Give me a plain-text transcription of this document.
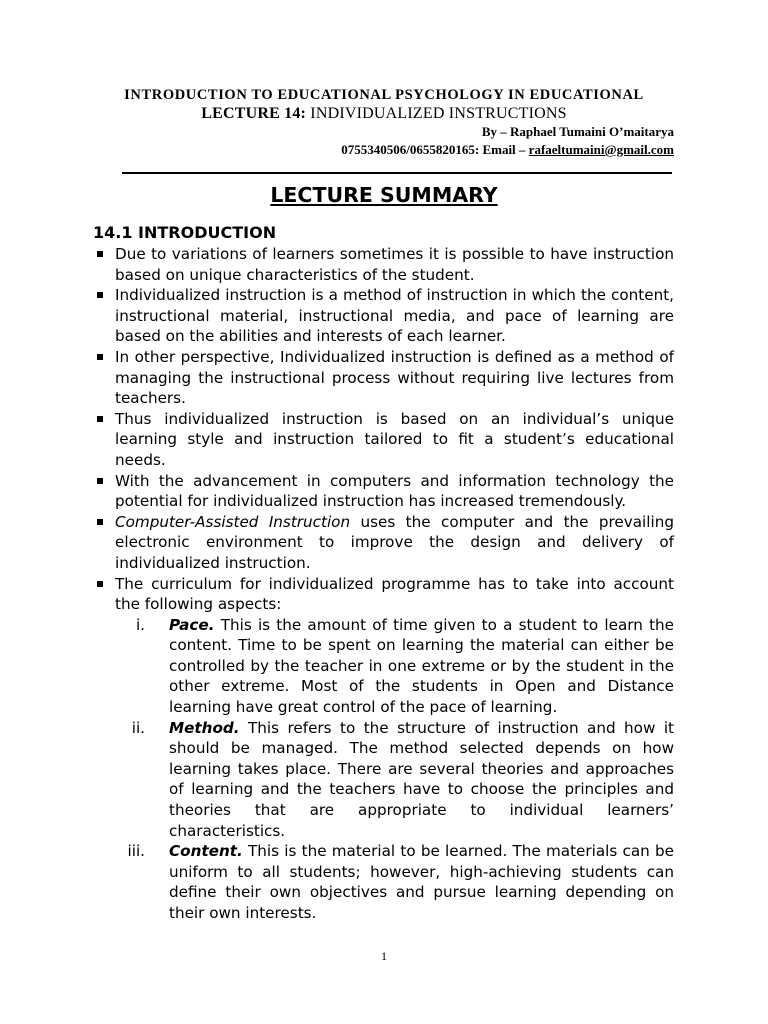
INTRODUCTION TO EDUCATIONAL PSYCHOLOGY IN EDUCATIONAL
LECTURE 14: INDIVIDUALIZED INSTRUCTIONS
By – Raphael Tumaini O’maitarya
0755340506/0655820165: Email – rafaeltumaini@gmail.com
LECTURE SUMMARY
14.1 INTRODUCTION
Due to variations of learners sometimes it is possible to have instruction based on unique characteristics of the student.
Individualized instruction is a method of instruction in which the content, instructional material, instructional media, and pace of learning are based on the abilities and interests of each learner.
In other perspective, Individualized instruction is defined as a method of managing the instructional process without requiring live lectures from teachers.
Thus individualized instruction is based on an individual’s unique learning style and instruction tailored to fit a student’s educational needs.
With the advancement in computers and information technology the potential for individualized instruction has increased tremendously.
Computer-Assisted Instruction uses the computer and the prevailing electronic environment to improve the design and delivery of individualized instruction.
The curriculum for individualized programme has to take into account the following aspects:
i. Pace. This is the amount of time given to a student to learn the content. Time to be spent on learning the material can either be controlled by the teacher in one extreme or by the student in the other extreme. Most of the students in Open and Distance learning have great control of the pace of learning.
ii. Method. This refers to the structure of instruction and how it should be managed. The method selected depends on how learning takes place. There are several theories and approaches of learning and the teachers have to choose the principles and theories that are appropriate to individual learners’ characteristics.
iii. Content. This is the material to be learned. The materials can be uniform to all students; however, high-achieving students can define their own objectives and pursue learning depending on their own interests.
1
